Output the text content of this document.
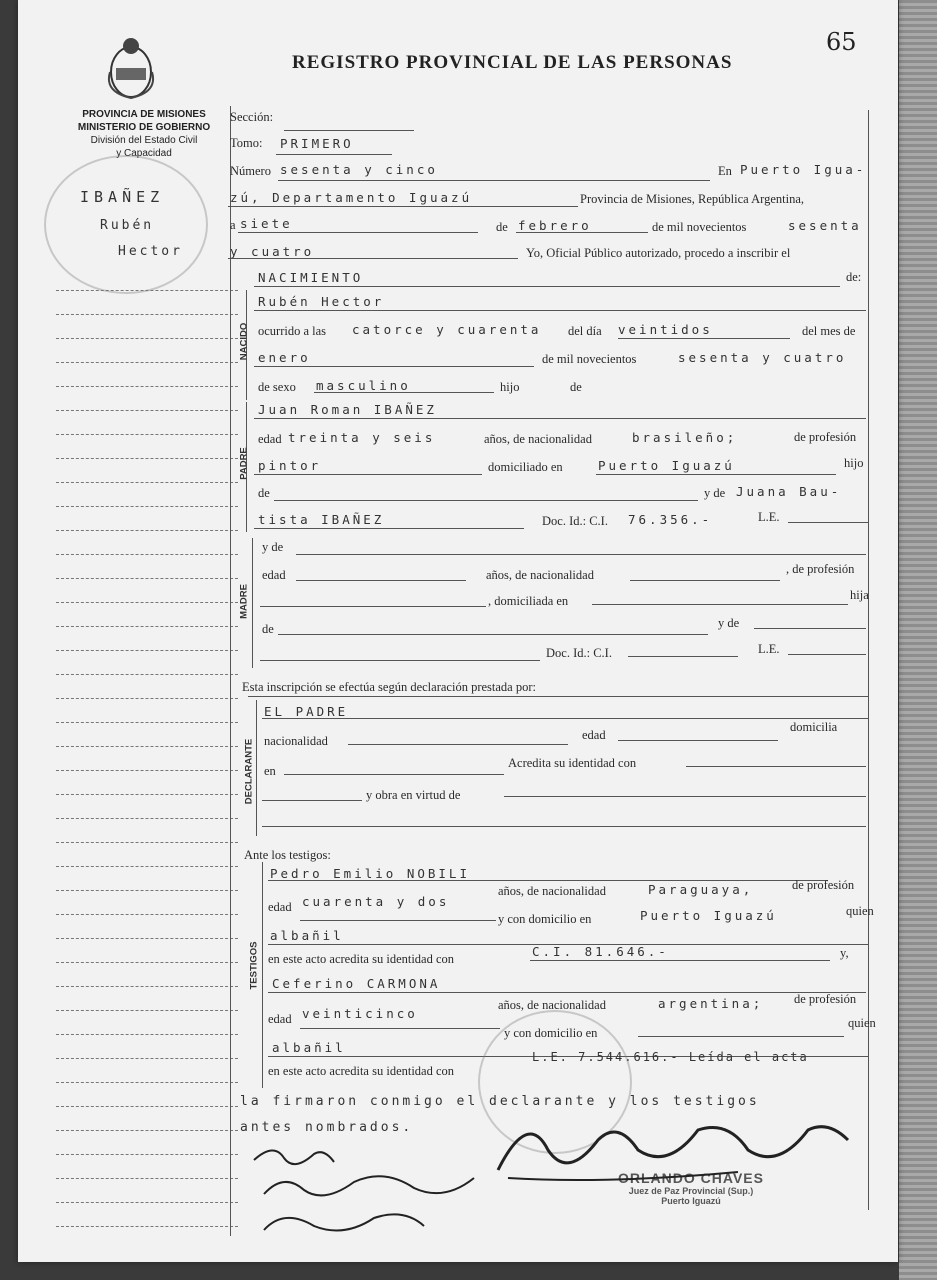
65
REGISTRO PROVINCIAL DE LAS PERSONAS
PROVINCIA DE MISIONES
MINISTERIO DE GOBIERNO
División del Estado Civil
y Capacidad
IBAÑEZ
Rubén
Hector
Sección:
Tomo: PRIMERO
Número sesenta y cinco	En Puerto Igua-
zú, Departamento Iguazú	Provincia de Misiones, República Argentina,
a siete	de febrero	de mil novecientos	sesenta
y cuatro	Yo, Oficial Público autorizado, procedo a inscribir el
NACIMIENTO	de:
NACIDO
Rubén Hector
ocurrido a las catorce y cuarenta del día veintidos	del mes de
enero	de mil novecientos	sesenta y cuatro
de sexo masculino	hijo	de
PADRE
Juan Roman IBAÑEZ
edad treinta y seis	años, de nacionalidad	brasileño;	de profesión
pintor	domiciliado en	Puerto Iguazú	hijo
de	y de Juana Bau-
tista IBAÑEZ	Doc. Id.: C.I. 76.356.-	L.E.
MADRE
y de
edad	años, de nacionalidad	, de profesión
, domiciliada en	hija
de	y de
Doc. Id.: C.I.	L.E.
Esta inscripción se efectúa según declaración prestada por:
DECLARANTE
EL PADRE
nacionalidad	edad
domicilia
en
Acredita su identidad con
y obra en virtud de
Ante los testigos:
TESTIGOS
Pedro Emilio NOBILI
edad cuarenta y dos
años, de nacionalidad	Paraguaya,	de profesión
y con domicilio en	Puerto Iguazú	quien
albañil
en este acto acredita su identidad con	C.I. 81.646.-	y,
Ceferino CARMONA
edad veinticinco
años, de nacionalidad	argentina; de profesión
y con domicilio en
quien
albañil
en este acto acredita su identidad con
L.E. 7.544.616.- Leída el acta
la firmaron conmigo el declarante y los testigos
antes nombrados.
ORLANDO CHAVES
Juez de Paz Provincial (Sup.)
Puerto Iguazú
